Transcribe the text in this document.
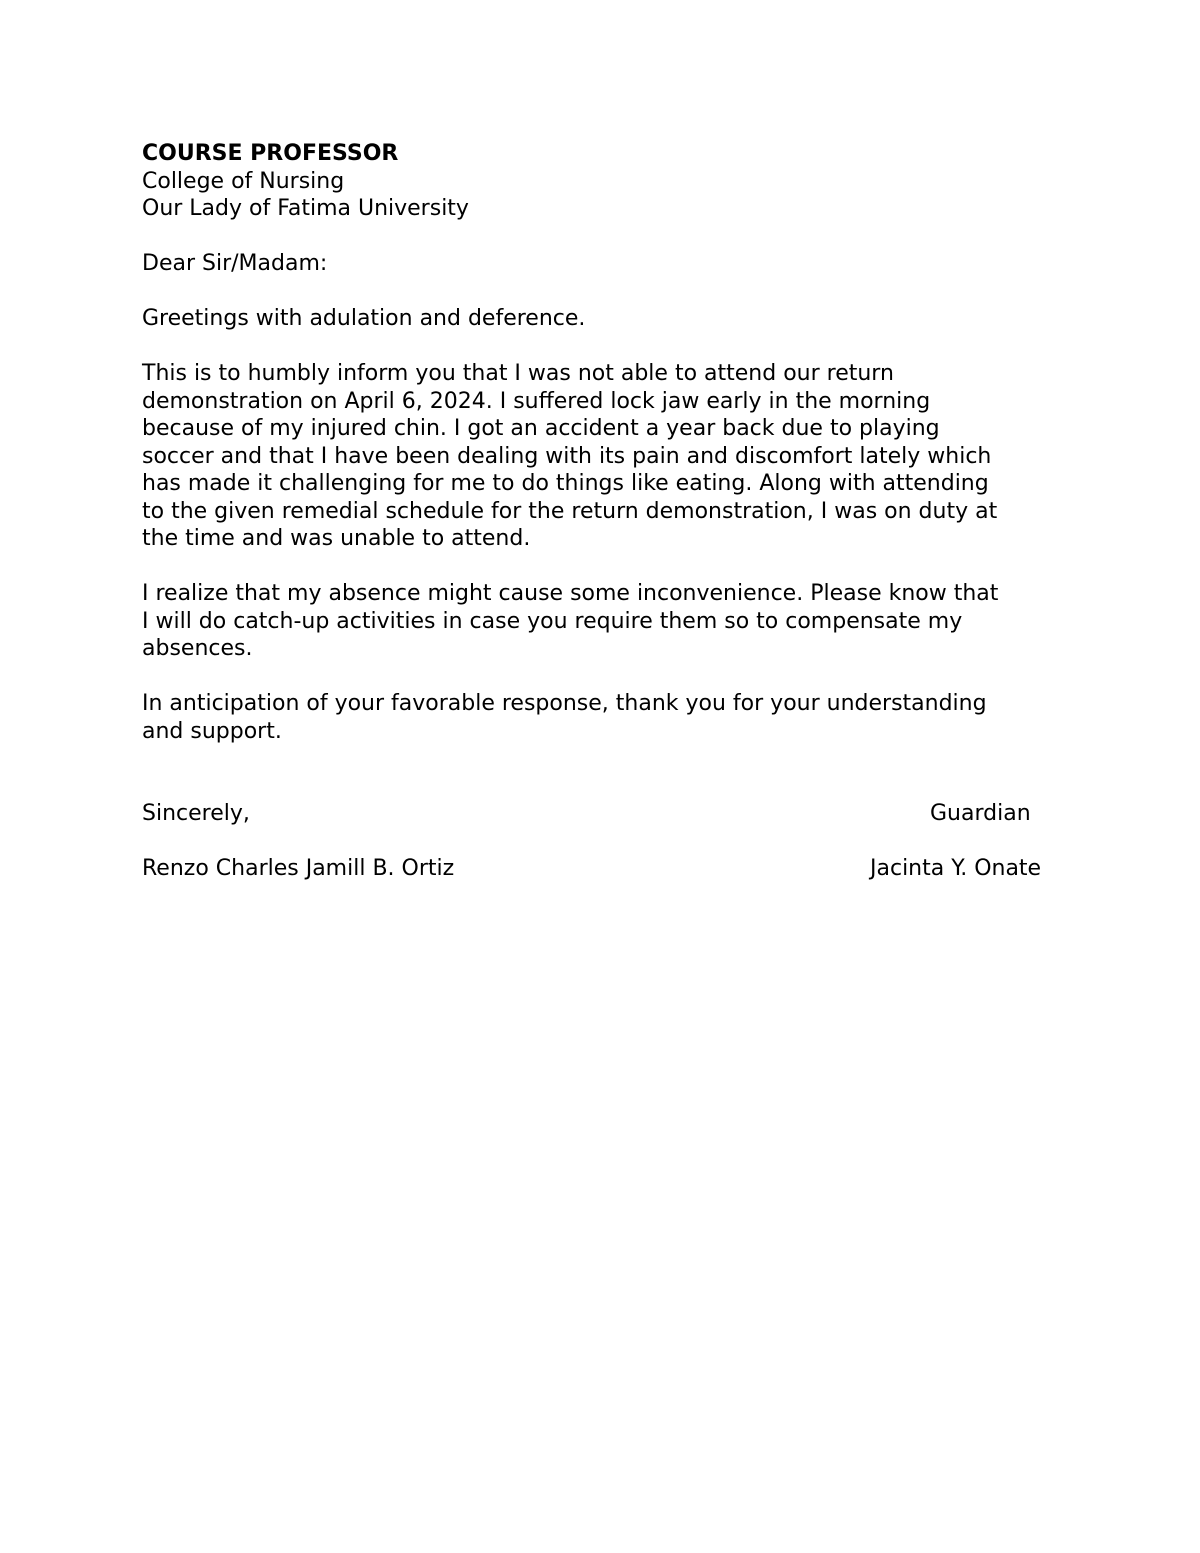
COURSE PROFESSOR
College of Nursing
Our Lady of Fatima University
Dear Sir/Madam:
Greetings with adulation and deference.
This is to humbly inform you that I was not able to attend our return
demonstration on April 6, 2024. I suffered lock jaw early in the morning
because of my injured chin. I got an accident a year back due to playing
soccer and that I have been dealing with its pain and discomfort lately which
has made it challenging for me to do things like eating. Along with attending
to the given remedial schedule for the return demonstration, I was on duty at
the time and was unable to attend.
I realize that my absence might cause some inconvenience. Please know that
I will do catch-up activities in case you require them so to compensate my
absences.
In anticipation of your favorable response, thank you for your understanding
and support.
Sincerely,	Guardian
Renzo Charles Jamill B. Ortiz	Jacinta Y. Onate
